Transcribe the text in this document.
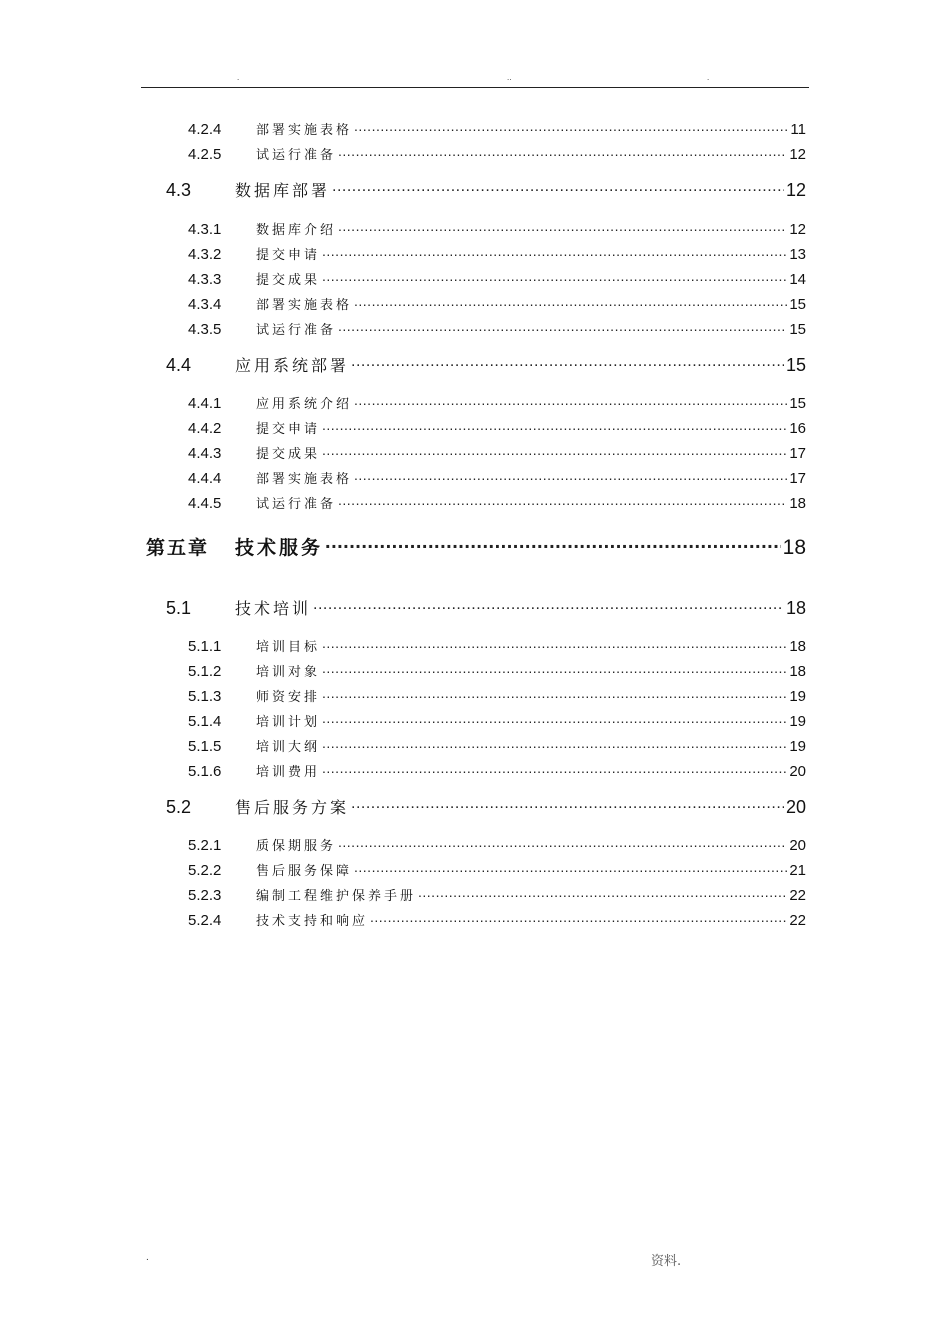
.	..	.
4.2.4	部署实施表格 .....	11
4.2.5	试运行准备 .....	12
4.3	数据库部署 .....	12
4.3.1	数据库介绍 .....	12
4.3.2	提交申请 .....	13
4.3.3	提交成果 .....	14
4.3.4	部署实施表格 .....	15
4.3.5	试运行准备 .....	15
4.4	应用系统部署 .....	15
4.4.1	应用系统介绍 .....	15
4.4.2	提交申请 .....	16
4.4.3	提交成果 .....	17
4.4.4	部署实施表格 .....	17
4.4.5	试运行准备 .....	18
第五章	技术服务 .....	18
5.1	技术培训 .....	18
5.1.1	培训目标 .....	18
5.1.2	培训对象 .....	18
5.1.3	师资安排 .....	19
5.1.4	培训计划 .....	19
5.1.5	培训大纲 .....	19
5.1.6	培训费用 .....	20
5.2	售后服务方案 .....	20
5.2.1	质保期服务 .....	20
5.2.2	售后服务保障 .....	21
5.2.3	编制工程维护保养手册 .....	22
5.2.4	技术支持和响应 .....	22
.	资料.
